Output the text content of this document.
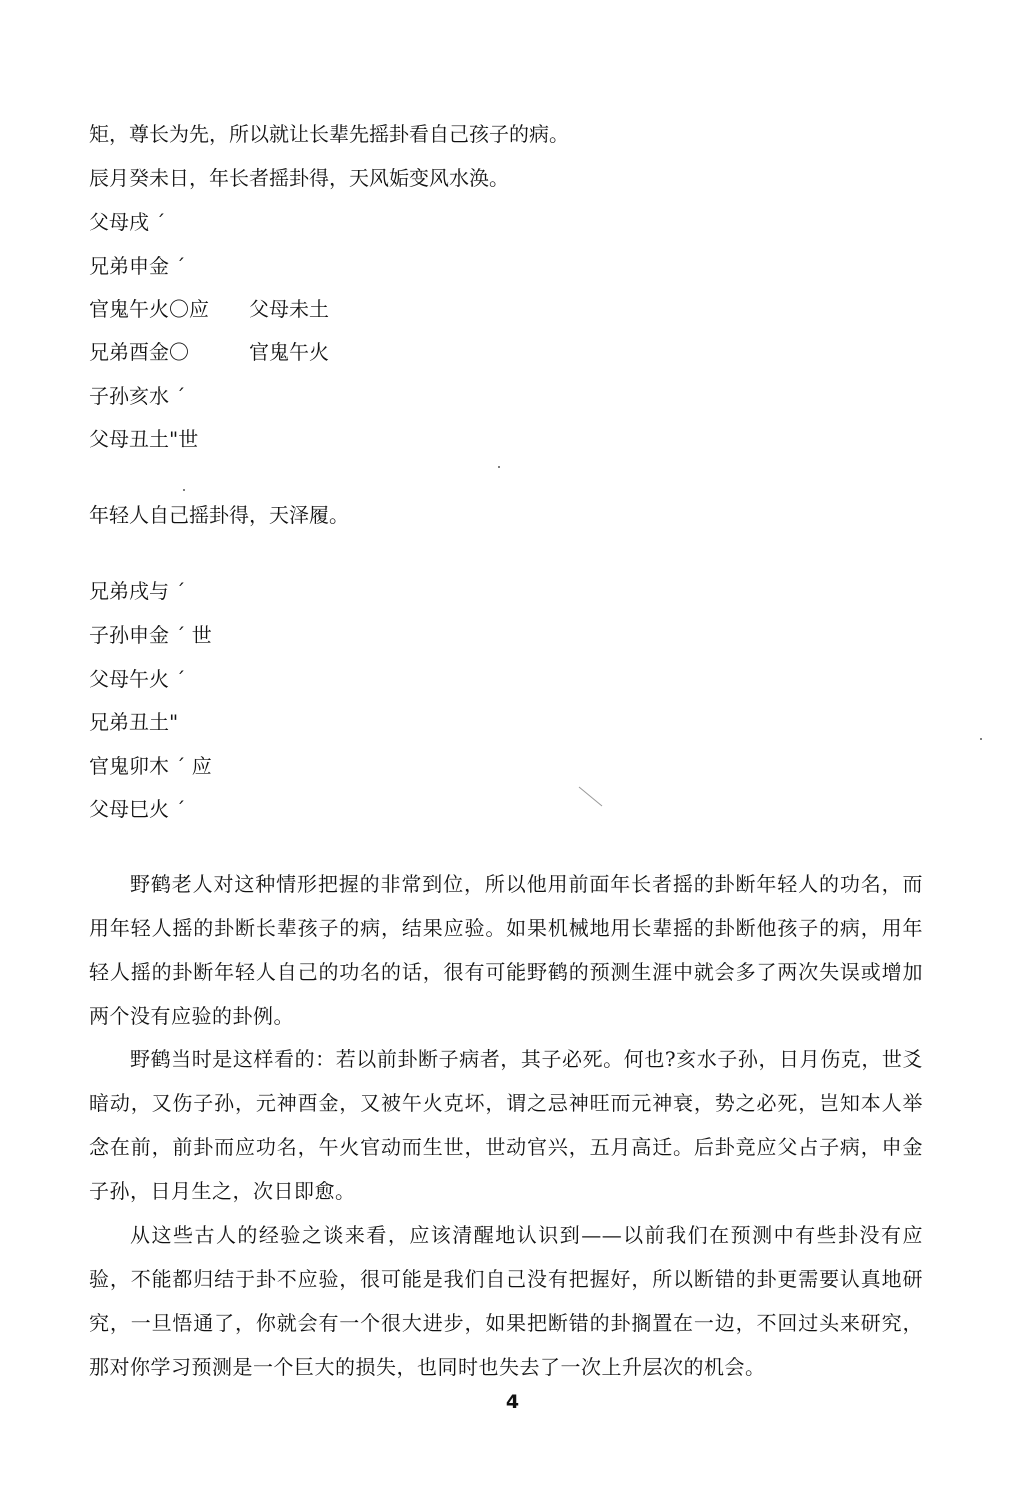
矩，尊长为先，所以就让长辈先摇卦看自己孩子的病。
辰月癸未日，年长者摇卦得，天风姤变风水涣。
父母戌 ˊ
兄弟申金 ˊ
官鬼午火〇应 父母未土
兄弟酉金〇	官鬼午火
子孙亥水 ˊ
父母丑土"世
年轻人自己摇卦得，天泽履。
兄弟戌与 ˊ
子孙申金 ˊ 世
父母午火 ˊ
兄弟丑土"
官鬼卯木 ˊ 应
父母巳火 ˊ
野鹤老人对这种情形把握的非常到位，所以他用前面年长者摇的卦断年轻人的功名，而用年轻人摇的卦断长辈孩子的病，结果应验。如果机械地用长辈摇的卦断他孩子的病，用年轻人摇的卦断年轻人自己的功名的话，很有可能野鹤的预测生涯中就会多了两次失误或增加两个没有应验的卦例。
野鹤当时是这样看的：若以前卦断子病者，其子必死。何也?亥水子孙，日月伤克，世爻暗动，又伤子孙，元神酉金，又被午火克坏，谓之忌神旺而元神衰，势之必死，岂知本人举念在前，前卦而应功名，午火官动而生世，世动官兴，五月高迁。后卦竞应父占子病，申金子孙，日月生之，次日即愈。
从这些古人的经验之谈来看，应该清醒地认识到——以前我们在预测中有些卦没有应验，不能都归结于卦不应验，很可能是我们自己没有把握好，所以断错的卦更需要认真地研究，一旦悟通了，你就会有一个很大进步，如果把断错的卦搁置在一边，不回过头来研究，那对你学习预测是一个巨大的损失，也同时也失去了一次上升层次的机会。
4
